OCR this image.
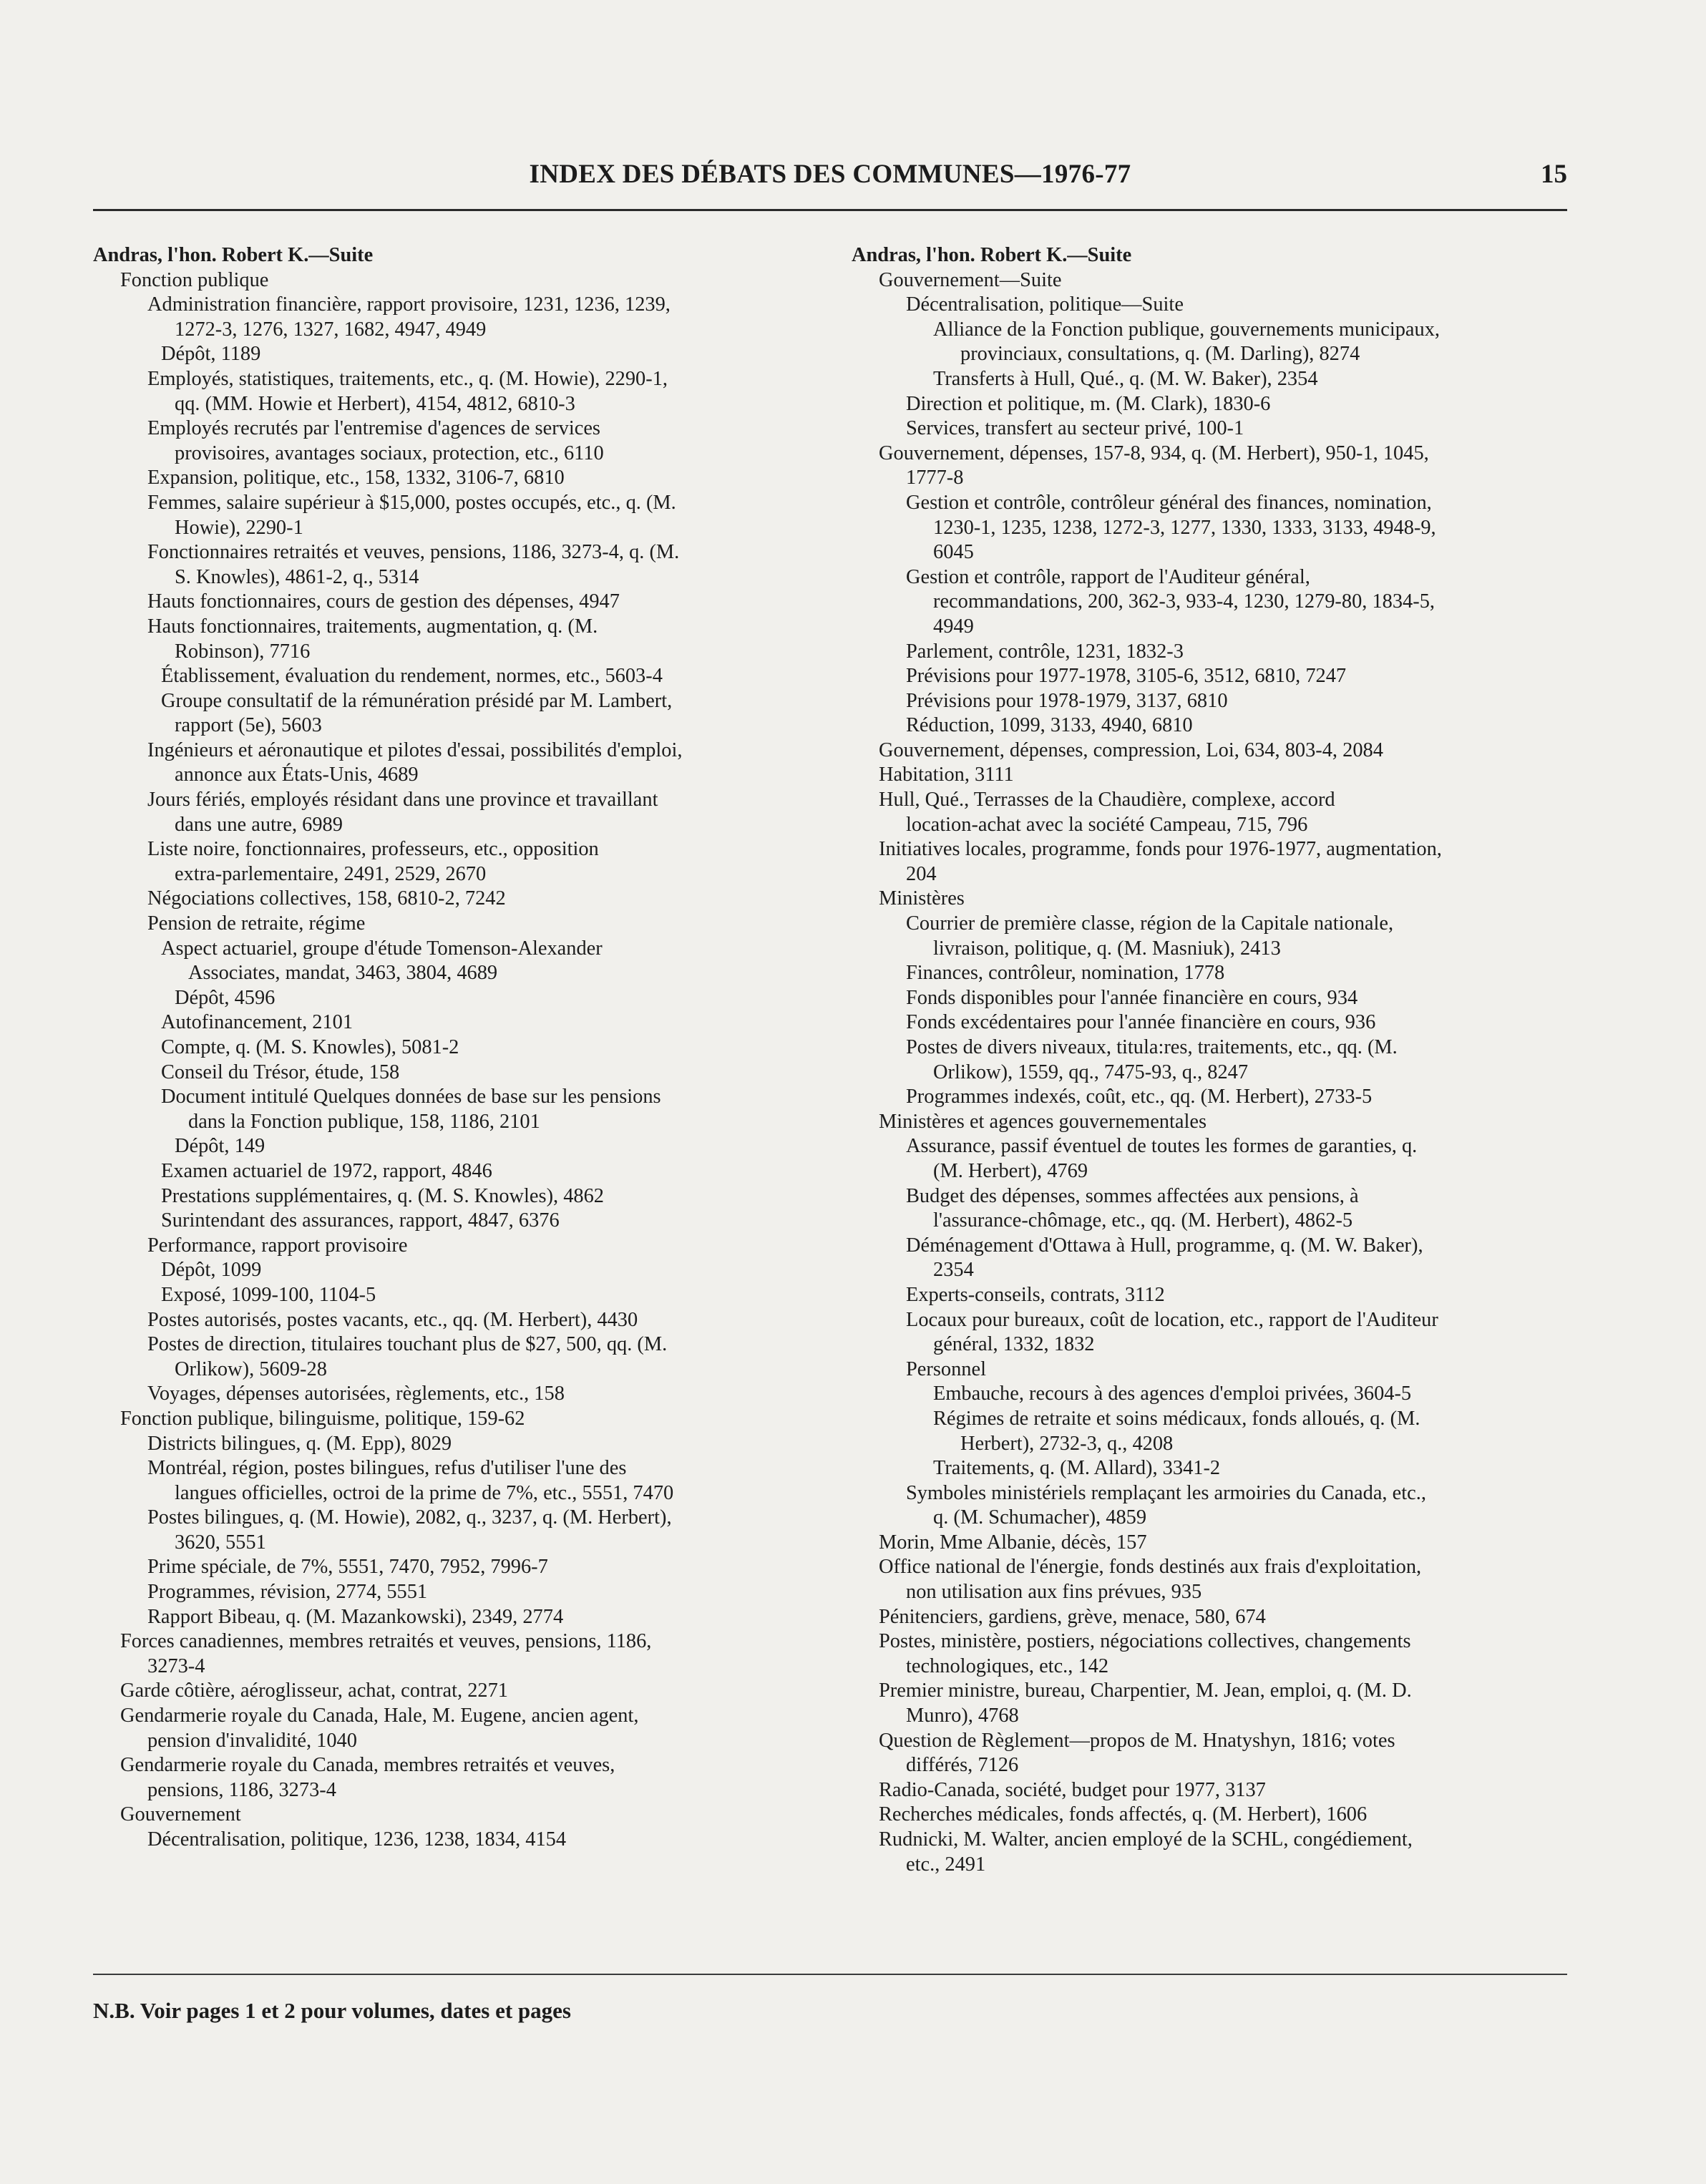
INDEX DES DÉBATS DES COMMUNES—1976-77	15
Andras, l'hon. Robert K.—Suite
Fonction publique
Administration financière, rapport provisoire, 1231, 1236, 1239,
1272-3, 1276, 1327, 1682, 4947, 4949
Dépôt, 1189
Employés, statistiques, traitements, etc., q. (M. Howie), 2290-1,
qq. (MM. Howie et Herbert), 4154, 4812, 6810-3
Employés recrutés par l'entremise d'agences de services
provisoires, avantages sociaux, protection, etc., 6110
Expansion, politique, etc., 158, 1332, 3106-7, 6810
Femmes, salaire supérieur à $15,000, postes occupés, etc., q. (M.
Howie), 2290-1
Fonctionnaires retraités et veuves, pensions, 1186, 3273-4, q. (M.
S. Knowles), 4861-2, q., 5314
Hauts fonctionnaires, cours de gestion des dépenses, 4947
Hauts fonctionnaires, traitements, augmentation, q. (M.
Robinson), 7716
Établissement, évaluation du rendement, normes, etc., 5603-4
Groupe consultatif de la rémunération présidé par M. Lambert,
rapport (5e), 5603
Ingénieurs et aéronautique et pilotes d'essai, possibilités d'emploi,
annonce aux États-Unis, 4689
Jours fériés, employés résidant dans une province et travaillant
dans une autre, 6989
Liste noire, fonctionnaires, professeurs, etc., opposition
extra-parlementaire, 2491, 2529, 2670
Négociations collectives, 158, 6810-2, 7242
Pension de retraite, régime
Aspect actuariel, groupe d'étude Tomenson-Alexander
Associates, mandat, 3463, 3804, 4689
Dépôt, 4596
Autofinancement, 2101
Compte, q. (M. S. Knowles), 5081-2
Conseil du Trésor, étude, 158
Document intitulé Quelques données de base sur les pensions
dans la Fonction publique, 158, 1186, 2101
Dépôt, 149
Examen actuariel de 1972, rapport, 4846
Prestations supplémentaires, q. (M. S. Knowles), 4862
Surintendant des assurances, rapport, 4847, 6376
Performance, rapport provisoire
Dépôt, 1099
Exposé, 1099-100, 1104-5
Postes autorisés, postes vacants, etc., qq. (M. Herbert), 4430
Postes de direction, titulaires touchant plus de $27, 500, qq. (M.
Orlikow), 5609-28
Voyages, dépenses autorisées, règlements, etc., 158
Fonction publique, bilinguisme, politique, 159-62
Districts bilingues, q. (M. Epp), 8029
Montréal, région, postes bilingues, refus d'utiliser l'une des
langues officielles, octroi de la prime de 7%, etc., 5551, 7470
Postes bilingues, q. (M. Howie), 2082, q., 3237, q. (M. Herbert),
3620, 5551
Prime spéciale, de 7%, 5551, 7470, 7952, 7996-7
Programmes, révision, 2774, 5551
Rapport Bibeau, q. (M. Mazankowski), 2349, 2774
Forces canadiennes, membres retraités et veuves, pensions, 1186,
3273-4
Garde côtière, aéroglisseur, achat, contrat, 2271
Gendarmerie royale du Canada, Hale, M. Eugene, ancien agent,
pension d'invalidité, 1040
Gendarmerie royale du Canada, membres retraités et veuves,
pensions, 1186, 3273-4
Gouvernement
Décentralisation, politique, 1236, 1238, 1834, 4154
Andras, l'hon. Robert K.—Suite
Gouvernement—Suite
Décentralisation, politique—Suite
Alliance de la Fonction publique, gouvernements municipaux,
provinciaux, consultations, q. (M. Darling), 8274
Transferts à Hull, Qué., q. (M. W. Baker), 2354
Direction et politique, m. (M. Clark), 1830-6
Services, transfert au secteur privé, 100-1
Gouvernement, dépenses, 157-8, 934, q. (M. Herbert), 950-1, 1045,
1777-8
Gestion et contrôle, contrôleur général des finances, nomination,
1230-1, 1235, 1238, 1272-3, 1277, 1330, 1333, 3133, 4948-9,
6045
Gestion et contrôle, rapport de l'Auditeur général,
recommandations, 200, 362-3, 933-4, 1230, 1279-80, 1834-5,
4949
Parlement, contrôle, 1231, 1832-3
Prévisions pour 1977-1978, 3105-6, 3512, 6810, 7247
Prévisions pour 1978-1979, 3137, 6810
Réduction, 1099, 3133, 4940, 6810
Gouvernement, dépenses, compression, Loi, 634, 803-4, 2084
Habitation, 3111
Hull, Qué., Terrasses de la Chaudière, complexe, accord
location-achat avec la société Campeau, 715, 796
Initiatives locales, programme, fonds pour 1976-1977, augmentation,
204
Ministères
Courrier de première classe, région de la Capitale nationale,
livraison, politique, q. (M. Masniuk), 2413
Finances, contrôleur, nomination, 1778
Fonds disponibles pour l'année financière en cours, 934
Fonds excédentaires pour l'année financière en cours, 936
Postes de divers niveaux, titula:res, traitements, etc., qq. (M.
Orlikow), 1559, qq., 7475-93, q., 8247
Programmes indexés, coût, etc., qq. (M. Herbert), 2733-5
Ministères et agences gouvernementales
Assurance, passif éventuel de toutes les formes de garanties, q.
(M. Herbert), 4769
Budget des dépenses, sommes affectées aux pensions, à
l'assurance-chômage, etc., qq. (M. Herbert), 4862-5
Déménagement d'Ottawa à Hull, programme, q. (M. W. Baker),
2354
Experts-conseils, contrats, 3112
Locaux pour bureaux, coût de location, etc., rapport de l'Auditeur
général, 1332, 1832
Personnel
Embauche, recours à des agences d'emploi privées, 3604-5
Régimes de retraite et soins médicaux, fonds alloués, q. (M.
Herbert), 2732-3, q., 4208
Traitements, q. (M. Allard), 3341-2
Symboles ministériels remplaçant les armoiries du Canada, etc.,
q. (M. Schumacher), 4859
Morin, Mme Albanie, décès, 157
Office national de l'énergie, fonds destinés aux frais d'exploitation,
non utilisation aux fins prévues, 935
Pénitenciers, gardiens, grève, menace, 580, 674
Postes, ministère, postiers, négociations collectives, changements
technologiques, etc., 142
Premier ministre, bureau, Charpentier, M. Jean, emploi, q. (M. D.
Munro), 4768
Question de Règlement—propos de M. Hnatyshyn, 1816; votes
différés, 7126
Radio-Canada, société, budget pour 1977, 3137
Recherches médicales, fonds affectés, q. (M. Herbert), 1606
Rudnicki, M. Walter, ancien employé de la SCHL, congédiement,
etc., 2491
N.B. Voir pages 1 et 2 pour volumes, dates et pages
